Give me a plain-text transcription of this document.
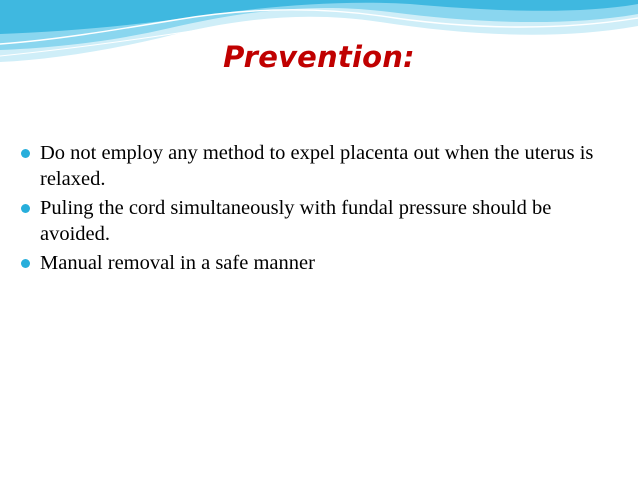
Prevention:
Do not employ any method to expel placenta out when the uterus is relaxed.
Puling the cord simultaneously with fundal pressure should be avoided.
Manual removal in a safe manner
